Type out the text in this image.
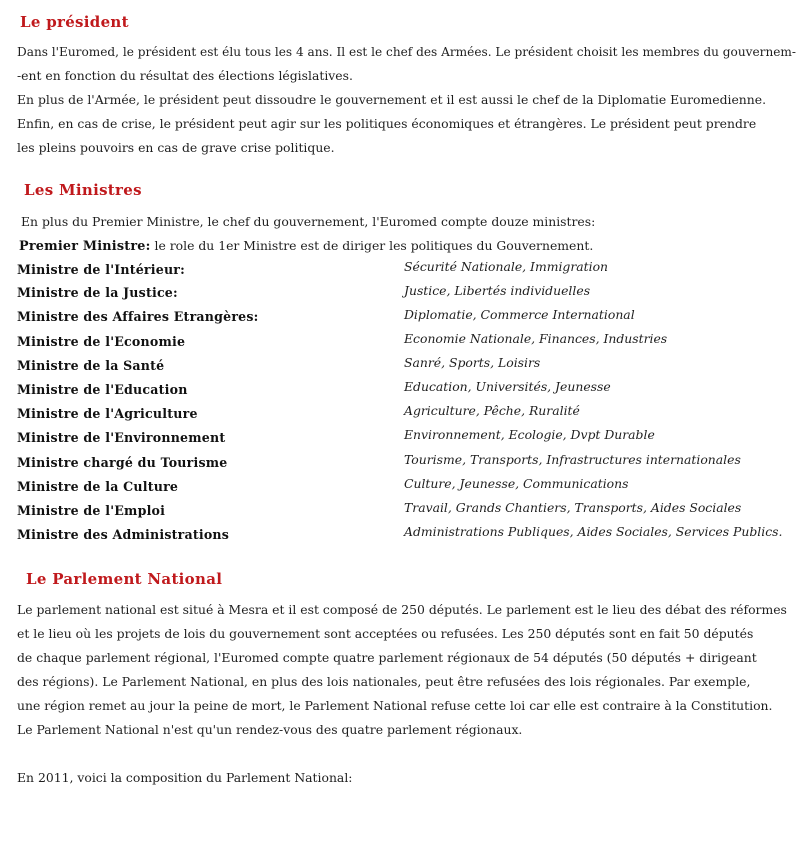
Le président

Dans l'Euromed, le président est élu tous les 4 ans. Il est le chef des Armées. Le président choisit les membres du gouvernem-

-ent en fonction du résultat des élections législatives.

En plus de l'Armée, le président peut dissoudre le gouvernement et il est aussi le chef de la Diplomatie Euromedienne.

Enfin, en cas de crise, le président peut agir sur les politiques économiques et étrangères. Le président peut prendre

les pleins pouvoirs en cas de grave crise politique.

Les Ministres

En plus du Premier Ministre, le chef du gouvernement, l'Euromed compte douze ministres:

Premier Ministre: le role du 1er Ministre est de diriger les politiques du Gouvernement.

Ministre de l'Intérieur:	Sécurité Nationale, Immigration

Ministre de la Justice:	Justice, Libertés individuelles

Ministre des Affaires Etrangères:	Diplomatie, Commerce International

Ministre de l'Economie	Economie Nationale, Finances, Industries

Ministre de la Santé	Sanré, Sports, Loisirs

Ministre de l'Education	Education, Universités, Jeunesse

Ministre de l'Agriculture	Agriculture, Pêche, Ruralité

Ministre de l'Environnement	Environnement, Ecologie, Dvpt Durable

Ministre chargé du Tourisme	Tourisme, Transports, Infrastructures internationales

Ministre de la Culture	Culture, Jeunesse, Communications

Ministre de l'Emploi	Travail, Grands Chantiers, Transports, Aides Sociales

Ministre des Administrations	Administrations Publiques, Aides Sociales, Services Publics.

Le Parlement National

Le parlement national est situé à Mesra et il est composé de 250 députés. Le parlement est le lieu des débat des réformes

et le lieu où les projets de lois du gouvernement sont acceptées ou refusées. Les 250 députés sont en fait 50 députés

de chaque parlement régional, l'Euromed compte quatre parlement régionaux de 54 députés (50 députés + dirigeant

des régions). Le Parlement National, en plus des lois nationales, peut être refusées des lois régionales. Par exemple,

une région remet au jour la peine de mort, le Parlement National refuse cette loi car elle est contraire à la Constitution.

Le Parlement National n'est qu'un rendez-vous des quatre parlement régionaux.

En 2011, voici la composition du Parlement National:
